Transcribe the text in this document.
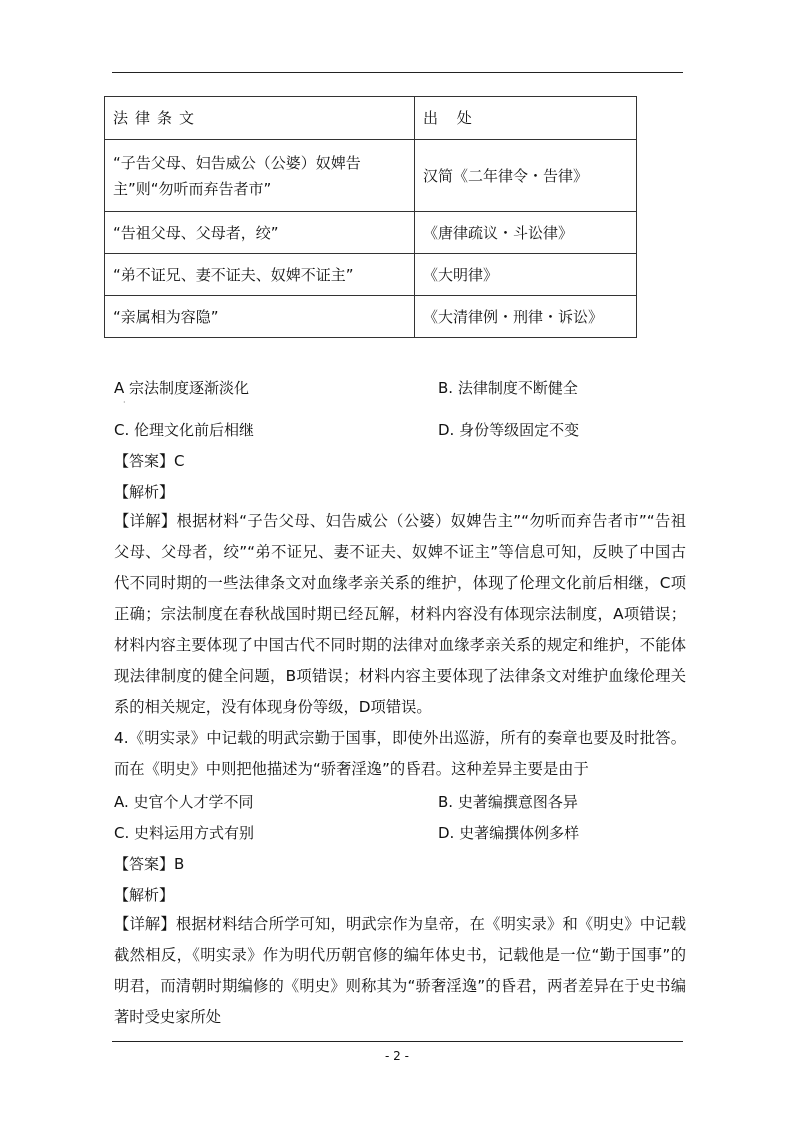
法律条文	出 处
“子告父母、妇告威公（公婆）奴婢告主”则“勿听而弃告者市”	汉简《二年律令・告律》
“告祖父母、父母者，绞”	《唐律疏议・斗讼律》
“弟不证兄、妻不证夫、奴婢不证主”	《大明律》
“亲属相为容隐”	《大清律例・刑律・诉讼》
A 宗法制度逐渐淡化	B. 法律制度不断健全
·
C. 伦理文化前后相继	D. 身份等级固定不变
【答案】C
【解析】
【详解】根据材料“子告父母、妇告威公（公婆）奴婢告主”“勿听而弃告者市”“告祖父母、父母者，绞”“弟不证兄、妻不证夫、奴婢不证主”等信息可知，反映了中国古代不同时期的一些法律条文对血缘孝亲关系的维护，体现了伦理文化前后相继，C项正确；宗法制度在春秋战国时期已经瓦解，材料内容没有体现宗法制度，A项错误；材料内容主要体现了中国古代不同时期的法律对血缘孝亲关系的规定和维护，不能体现法律制度的健全问题，B项错误；材料内容主要体现了法律条文对维护血缘伦理关系的相关规定，没有体现身份等级，D项错误。
4.《明实录》中记载的明武宗勤于国事，即使外出巡游，所有的奏章也要及时批答。而在《明史》中则把他描述为“骄奢淫逸”的昏君。这种差异主要是由于
A. 史官个人才学不同	B. 史著编撰意图各异
C. 史料运用方式有别	D. 史著编撰体例多样
【答案】B
【解析】
【详解】根据材料结合所学可知，明武宗作为皇帝，在《明实录》和《明史》中记载截然相反，《明实录》作为明代历朝官修的编年体史书，记载他是一位“勤于国事”的明君，而清朝时期编修的《明史》则称其为“骄奢淫逸”的昏君，两者差异在于史书编著时受史家所处
- 2 -
